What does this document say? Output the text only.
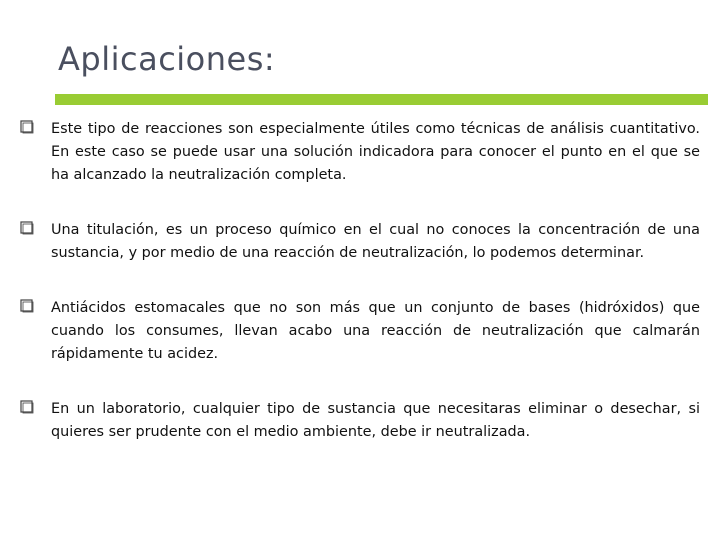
Aplicaciones:
Este tipo de reacciones son especialmente útiles como técnicas de análisis cuantitativo. En este caso se puede usar una solución indicadora para conocer el punto en el que se ha alcanzado la neutralización completa.
Una titulación, es un proceso químico en el cual no conoces la concentración de una sustancia, y por medio de una reacción de neutralización, lo podemos determinar.
Antiácidos estomacales que no son más que un conjunto de bases (hidróxidos) que cuando los consumes, llevan acabo una reacción de neutralización que calmarán rápidamente tu acidez.
En un laboratorio, cualquier tipo de sustancia que necesitaras eliminar o desechar, si quieres ser prudente con el medio ambiente, debe ir neutralizada.
